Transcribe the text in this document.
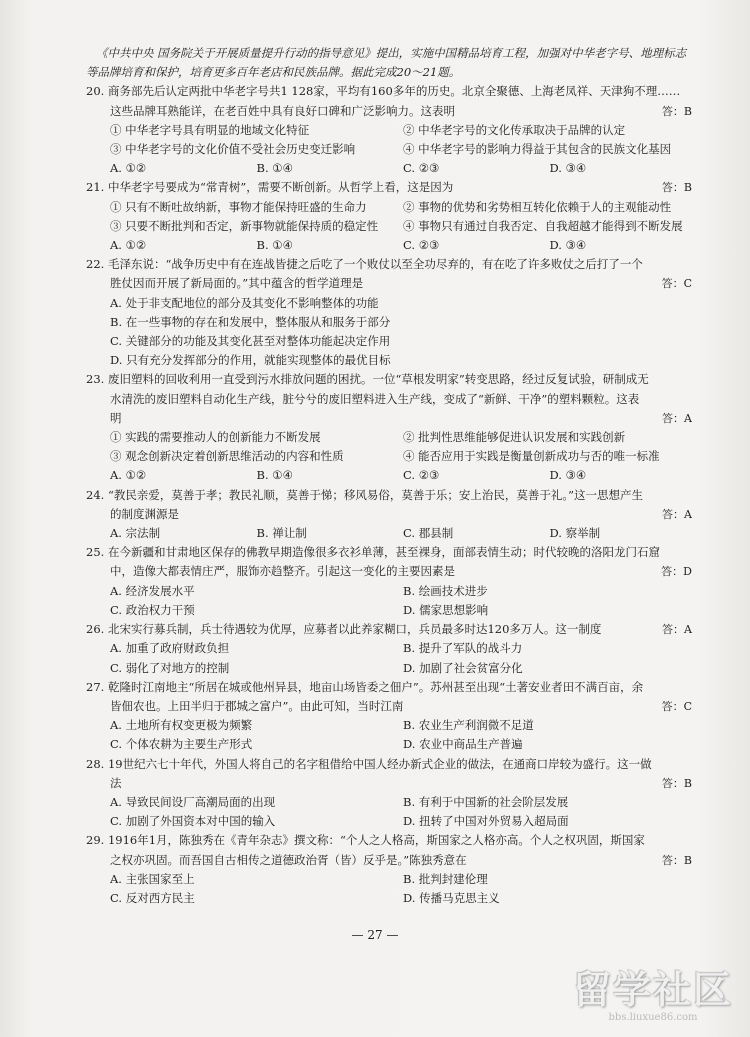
《中共中央 国务院关于开展质量提升行动的指导意见》提出，实施中国精品培育工程，加强对中华老字号、地理标志等品牌培育和保护，培育更多百年老店和民族品牌。据此完成20～21题。
20. 商务部先后认定两批中华老字号共1 128家，平均有160多年的历史。北京全聚德、上海老凤祥、天津狗不理……
这些品牌耳熟能详，在老百姓中具有良好口碑和广泛影响力。这表明	答：B
① 中华老字号具有明显的地域文化特征	② 中华老字号的文化传承取决于品牌的认定
③ 中华老字号的文化价值不受社会历史变迁影响	④ 中华老字号的影响力得益于其包含的民族文化基因
A. ①②	B. ①④	C. ②③	D. ③④
21. 中华老字号要成为“常青树”，需要不断创新。从哲学上看，这是因为	答：B
① 只有不断吐故纳新，事物才能保持旺盛的生命力	② 事物的优势和劣势相互转化依赖于人的主观能动性
③ 只要不断批判和否定，新事物就能保持质的稳定性	④ 事物只有通过自我否定、自我超越才能得到不断发展
A. ①②	B. ①④	C. ②③	D. ③④
22. 毛泽东说：“战争历史中有在连战皆捷之后吃了一个败仗以至全功尽弃的，有在吃了许多败仗之后打了一个
胜仗因而开展了新局面的。”其中蕴含的哲学道理是	答：C
A. 处于非支配地位的部分及其变化不影响整体的功能
B. 在一些事物的存在和发展中，整体服从和服务于部分
C. 关键部分的功能及其变化甚至对整体功能起决定作用
D. 只有充分发挥部分的作用，就能实现整体的最优目标
23. 废旧塑料的回收利用一直受到污水排放问题的困扰。一位“草根发明家”转变思路，经过反复试验，研制成无
水清洗的废旧塑料自动化生产线，脏兮兮的废旧塑料进入生产线，变成了“新鲜、干净”的塑料颗粒。这表
明	答：A
① 实践的需要推动人的创新能力不断发展	② 批判性思维能够促进认识发展和实践创新
③ 观念创新决定着创新思维活动的内容和性质	④ 能否应用于实践是衡量创新成功与否的唯一标准
A. ①②	B. ①④	C. ②③	D. ③④
24. “教民亲爱，莫善于孝；教民礼顺，莫善于悌；移风易俗，莫善于乐；安上治民，莫善于礼。”这一思想产生
的制度渊源是	答：A
A. 宗法制	B. 禅让制	C. 郡县制	D. 察举制
25. 在今新疆和甘肃地区保存的佛教早期造像很多衣衫单薄，甚至裸身，面部表情生动；时代较晚的洛阳龙门石窟
中，造像大都表情庄严，服饰亦趋整齐。引起这一变化的主要因素是	答：D
A. 经济发展水平	B. 绘画技术进步
C. 政治权力干预	D. 儒家思想影响
26. 北宋实行募兵制，兵士待遇较为优厚，应募者以此养家糊口，兵员最多时达120多万人。这一制度	答：A
A. 加重了政府财政负担	B. 提升了军队的战斗力
C. 弱化了对地方的控制	D. 加剧了社会贫富分化
27. 乾隆时江南地主“所居在城或他州异县，地亩山场皆委之佃户”。苏州甚至出现“土著安业者田不满百亩，余
皆佃农也。上田半归于郡城之富户”。由此可知，当时江南	答：C
A. 土地所有权变更极为频繁	B. 农业生产利润微不足道
C. 个体农耕为主要生产形式	D. 农业中商品生产普遍
28. 19世纪六七十年代，外国人将自己的名字租借给中国人经办新式企业的做法，在通商口岸较为盛行。这一做
法	答：B
A. 导致民间设厂高潮局面的出现	B. 有利于中国新的社会阶层发展
C. 加剧了外国资本对中国的输入	D. 扭转了中国对外贸易入超局面
29. 1916年1月，陈独秀在《青年杂志》撰文称：“个人之人格高，斯国家之人格亦高。个人之权巩固，斯国家
之权亦巩固。而吾国自古相传之道德政治胥（皆）反乎是。”陈独秀意在	答：B
A. 主张国家至上	B. 批判封建伦理
C. 反对西方民主	D. 传播马克思主义
— 27 —
留学社区
bbs.liuxue86.com
